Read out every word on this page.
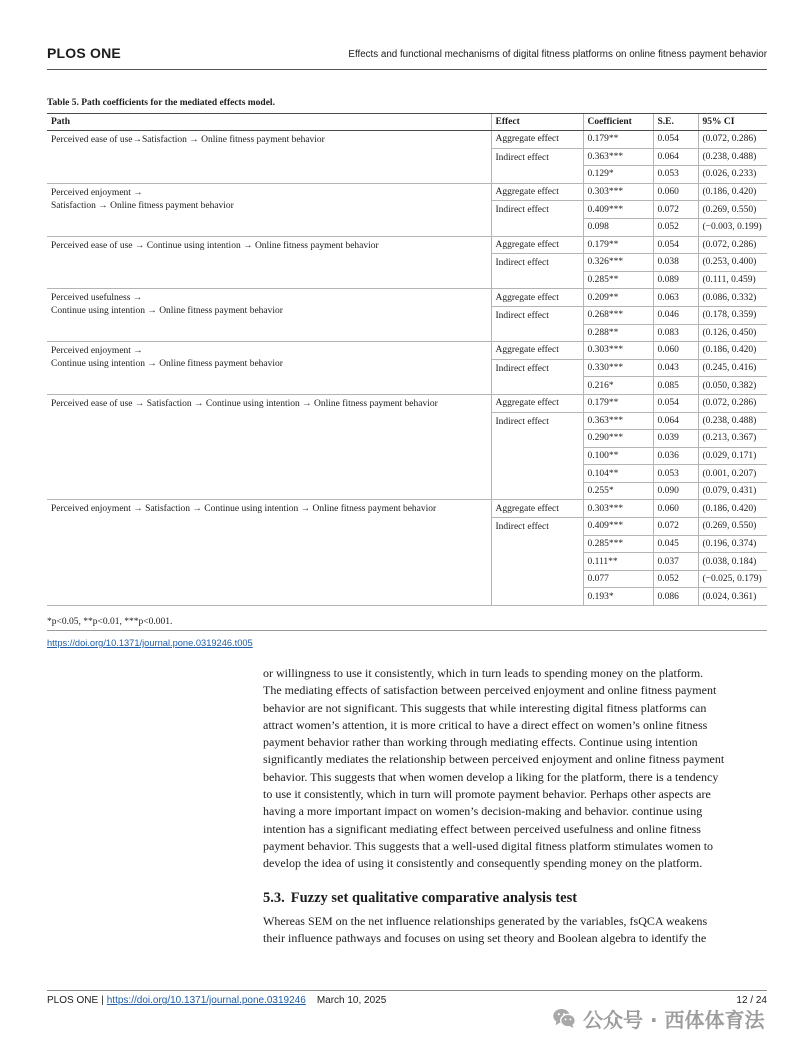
PLOS ONE	Effects and functional mechanisms of digital fitness platforms on online fitness payment behavior
Table 5. Path coefficients for the mediated effects model.
Path	Effect	Coefficient	S.E.	95% CI

Perceived ease of use→Satisfaction → Online fitness payment behavior	Aggregate effect	0.179**	0.054	(0.072, 0.286)
	Indirect effect	0.363***	0.064	(0.238, 0.488)
		0.129*	0.053	(0.026, 0.233)

Perceived enjoyment →
Satisfaction → Online fitness payment behavior	Aggregate effect	0.303***	0.060	(0.186, 0.420)
	Indirect effect	0.409***	0.072	(0.269, 0.550)
		0.098	0.052	(−0.003, 0.199)

Perceived ease of use → Continue using intention → Online fitness payment behavior	Aggregate effect	0.179**	0.054	(0.072, 0.286)
	Indirect effect	0.326***	0.038	(0.253, 0.400)
		0.285**	0.089	(0.111, 0.459)

Perceived usefulness →
Continue using intention → Online fitness payment behavior	Aggregate effect	0.209**	0.063	(0.086, 0.332)
	Indirect effect	0.268***	0.046	(0.178, 0.359)
		0.288**	0.083	(0.126, 0.450)

Perceived enjoyment →
Continue using intention → Online fitness payment behavior	Aggregate effect	0.303***	0.060	(0.186, 0.420)
	Indirect effect	0.330***	0.043	(0.245, 0.416)
		0.216*	0.085	(0.050, 0.382)

Perceived ease of use → Satisfaction → Continue using intention → Online fitness payment behavior	Aggregate effect	0.179**	0.054	(0.072, 0.286)
	Indirect effect	0.363***	0.064	(0.238, 0.488)
		0.290***	0.039	(0.213, 0.367)
		0.100**	0.036	(0.029, 0.171)
		0.104**	0.053	(0.001, 0.207)
		0.255*	0.090	(0.079, 0.431)

Perceived enjoyment → Satisfaction → Continue using intention → Online fitness payment behavior	Aggregate effect	0.303***	0.060	(0.186, 0.420)
	Indirect effect	0.409***	0.072	(0.269, 0.550)
		0.285***	0.045	(0.196, 0.374)
		0.111**	0.037	(0.038, 0.184)
		0.077	0.052	(−0.025, 0.179)
		0.193*	0.086	(0.024, 0.361)
*p<0.05, **p<0.01, ***p<0.001.
https://doi.org/10.1371/journal.pone.0319246.t005
or willingness to use it consistently, which in turn leads to spending money on the platform.
The mediating effects of satisfaction between perceived enjoyment and online fitness payment
behavior are not significant. This suggests that while interesting digital fitness platforms can
attract women’s attention, it is more critical to have a direct effect on women’s online fitness
payment behavior rather than working through mediating effects. Continue using intention
significantly mediates the relationship between perceived enjoyment and online fitness payment
behavior. This suggests that when women develop a liking for the platform, there is a tendency
to use it consistently, which in turn will promote payment behavior. Perhaps other aspects are
having a more important impact on women’s decision-making and behavior. continue using
intention has a significant mediating effect between perceived usefulness and online fitness
payment behavior. This suggests that a well-used digital fitness platform stimulates women to
develop the idea of using it consistently and consequently spending money on the platform.
5.3. Fuzzy set qualitative comparative analysis test
Whereas SEM on the net influence relationships generated by the variables, fsQCA weakens
their influence pathways and focuses on using set theory and Boolean algebra to identify the
PLOS ONE | https://doi.org/10.1371/journal.pone.0319246 March 10, 2025	12 / 24
公众号 · 西体体育法
